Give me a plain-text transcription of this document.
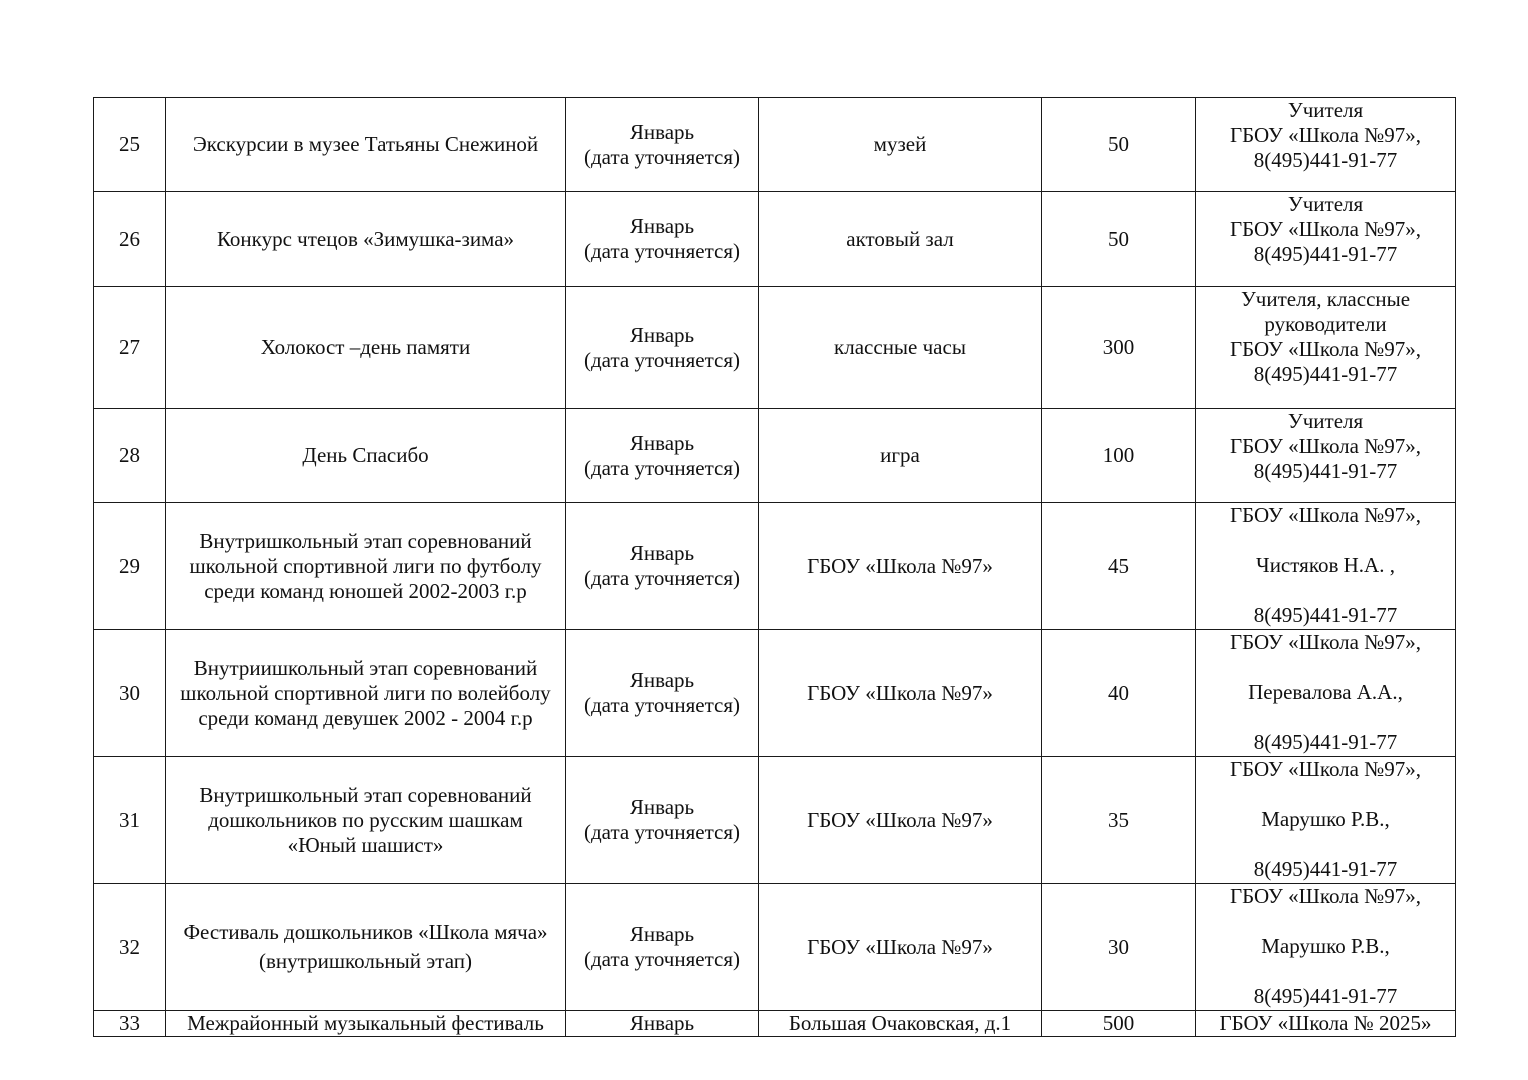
25	Экскурсии в музее Татьяны Снежиной	Январь
(дата уточняется)	музей	50	Учителя
ГБОУ «Школа №97»,
8(495)441-91-77

26	Конкурс чтецов «Зимушка-зима»	Январь
(дата уточняется)	актовый зал	50	Учителя
ГБОУ «Школа №97»,
8(495)441-91-77

27	Холокост –день памяти	Январь
(дата уточняется)	классные часы	300	Учителя, классные
руководители
ГБОУ «Школа №97»,
8(495)441-91-77

28	День Спасибо	Январь
(дата уточняется)	игра	100	Учителя
ГБОУ «Школа №97»,
8(495)441-91-77

29	Внутришкольный этап соревнований
школьной спортивной лиги по футболу
среди команд юношей 2002-2003 г.р	Январь
(дата уточняется)	ГБОУ «Школа №97»	45	ГБОУ «Школа №97»,
Чистяков Н.А. ,
8(495)441-91-77

30	Внутриишкольный этап соревнований
школьной спортивной лиги по волейболу
среди команд девушек 2002 - 2004 г.р	Январь
(дата уточняется)	ГБОУ «Школа №97»	40	ГБОУ «Школа №97»,
Перевалова А.А.,
8(495)441-91-77

31	Внутришкольный этап соревнований
дошкольников по русским шашкам
«Юный шашист»	Январь
(дата уточняется)	ГБОУ «Школа №97»	35	ГБОУ «Школа №97»,
Марушко Р.В.,
8(495)441-91-77

32	Фестиваль дошкольников «Школа мяча»
(внутришкольный этап)	Январь
(дата уточняется)	ГБОУ «Школа №97»	30	ГБОУ «Школа №97»,
Марушко Р.В.,
8(495)441-91-77

33	Межрайонный музыкальный фестиваль	Январь	Большая Очаковская, д.1	500	ГБОУ «Школа № 2025»
